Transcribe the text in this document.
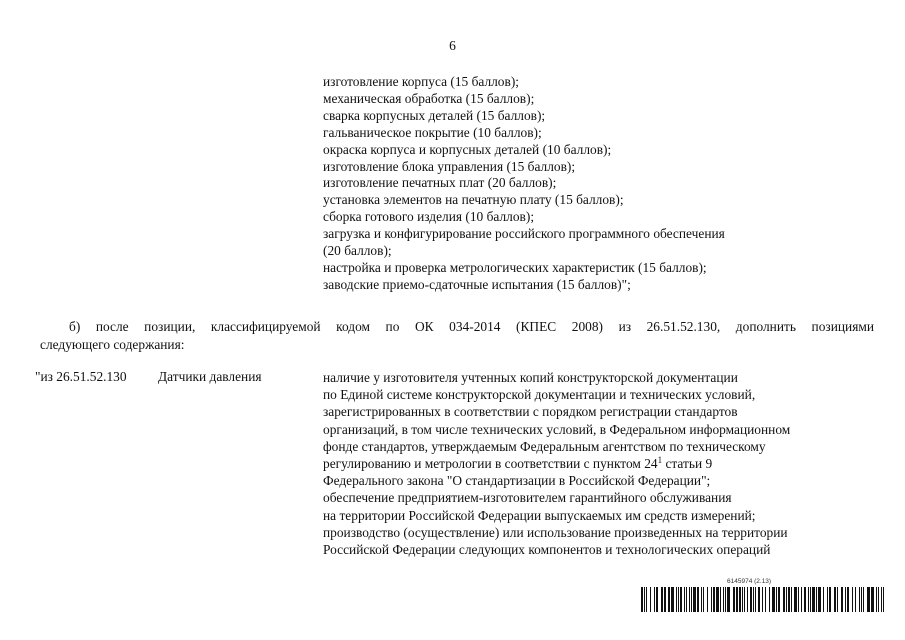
6
изготовление корпуса (15 баллов);
механическая обработка (15 баллов);
сварка корпусных деталей (15 баллов);
гальваническое покрытие (10 баллов);
окраска корпуса и корпусных деталей (10 баллов);
изготовление блока управления (15 баллов);
изготовление печатных плат (20 баллов);
установка элементов на печатную плату (15 баллов);
сборка готового изделия (10 баллов);
загрузка и конфигурирование российского программного обеспечения
(20 баллов);
настройка и проверка метрологических характеристик (15 баллов);
заводские приемо-сдаточные испытания (15 баллов)";
б) после позиции, классифицируемой кодом по ОК 034-2014 (КПЕС 2008) из 26.51.52.130, дополнить позициями
следующего содержания:
"из 26.51.52.130 Датчики давления	наличие у изготовителя учтенных копий конструкторской документации
по Единой системе конструкторской документации и технических условий,
зарегистрированных в соответствии с порядком регистрации стандартов
организаций, в том числе технических условий, в Федеральном информационном
фонде стандартов, утверждаемым Федеральным агентством по техническому
регулированию и метрологии в соответствии с пунктом $24^1$ статьи 9
Федерального закона "О стандартизации в Российской Федерации";
обеспечение предприятием-изготовителем гарантийного обслуживания
на территории Российской Федерации выпускаемых им средств измерений;
производство (осуществление) или использование произведенных на территории
Российской Федерации следующих компонентов и технологических операций
6145974 (2.13)
